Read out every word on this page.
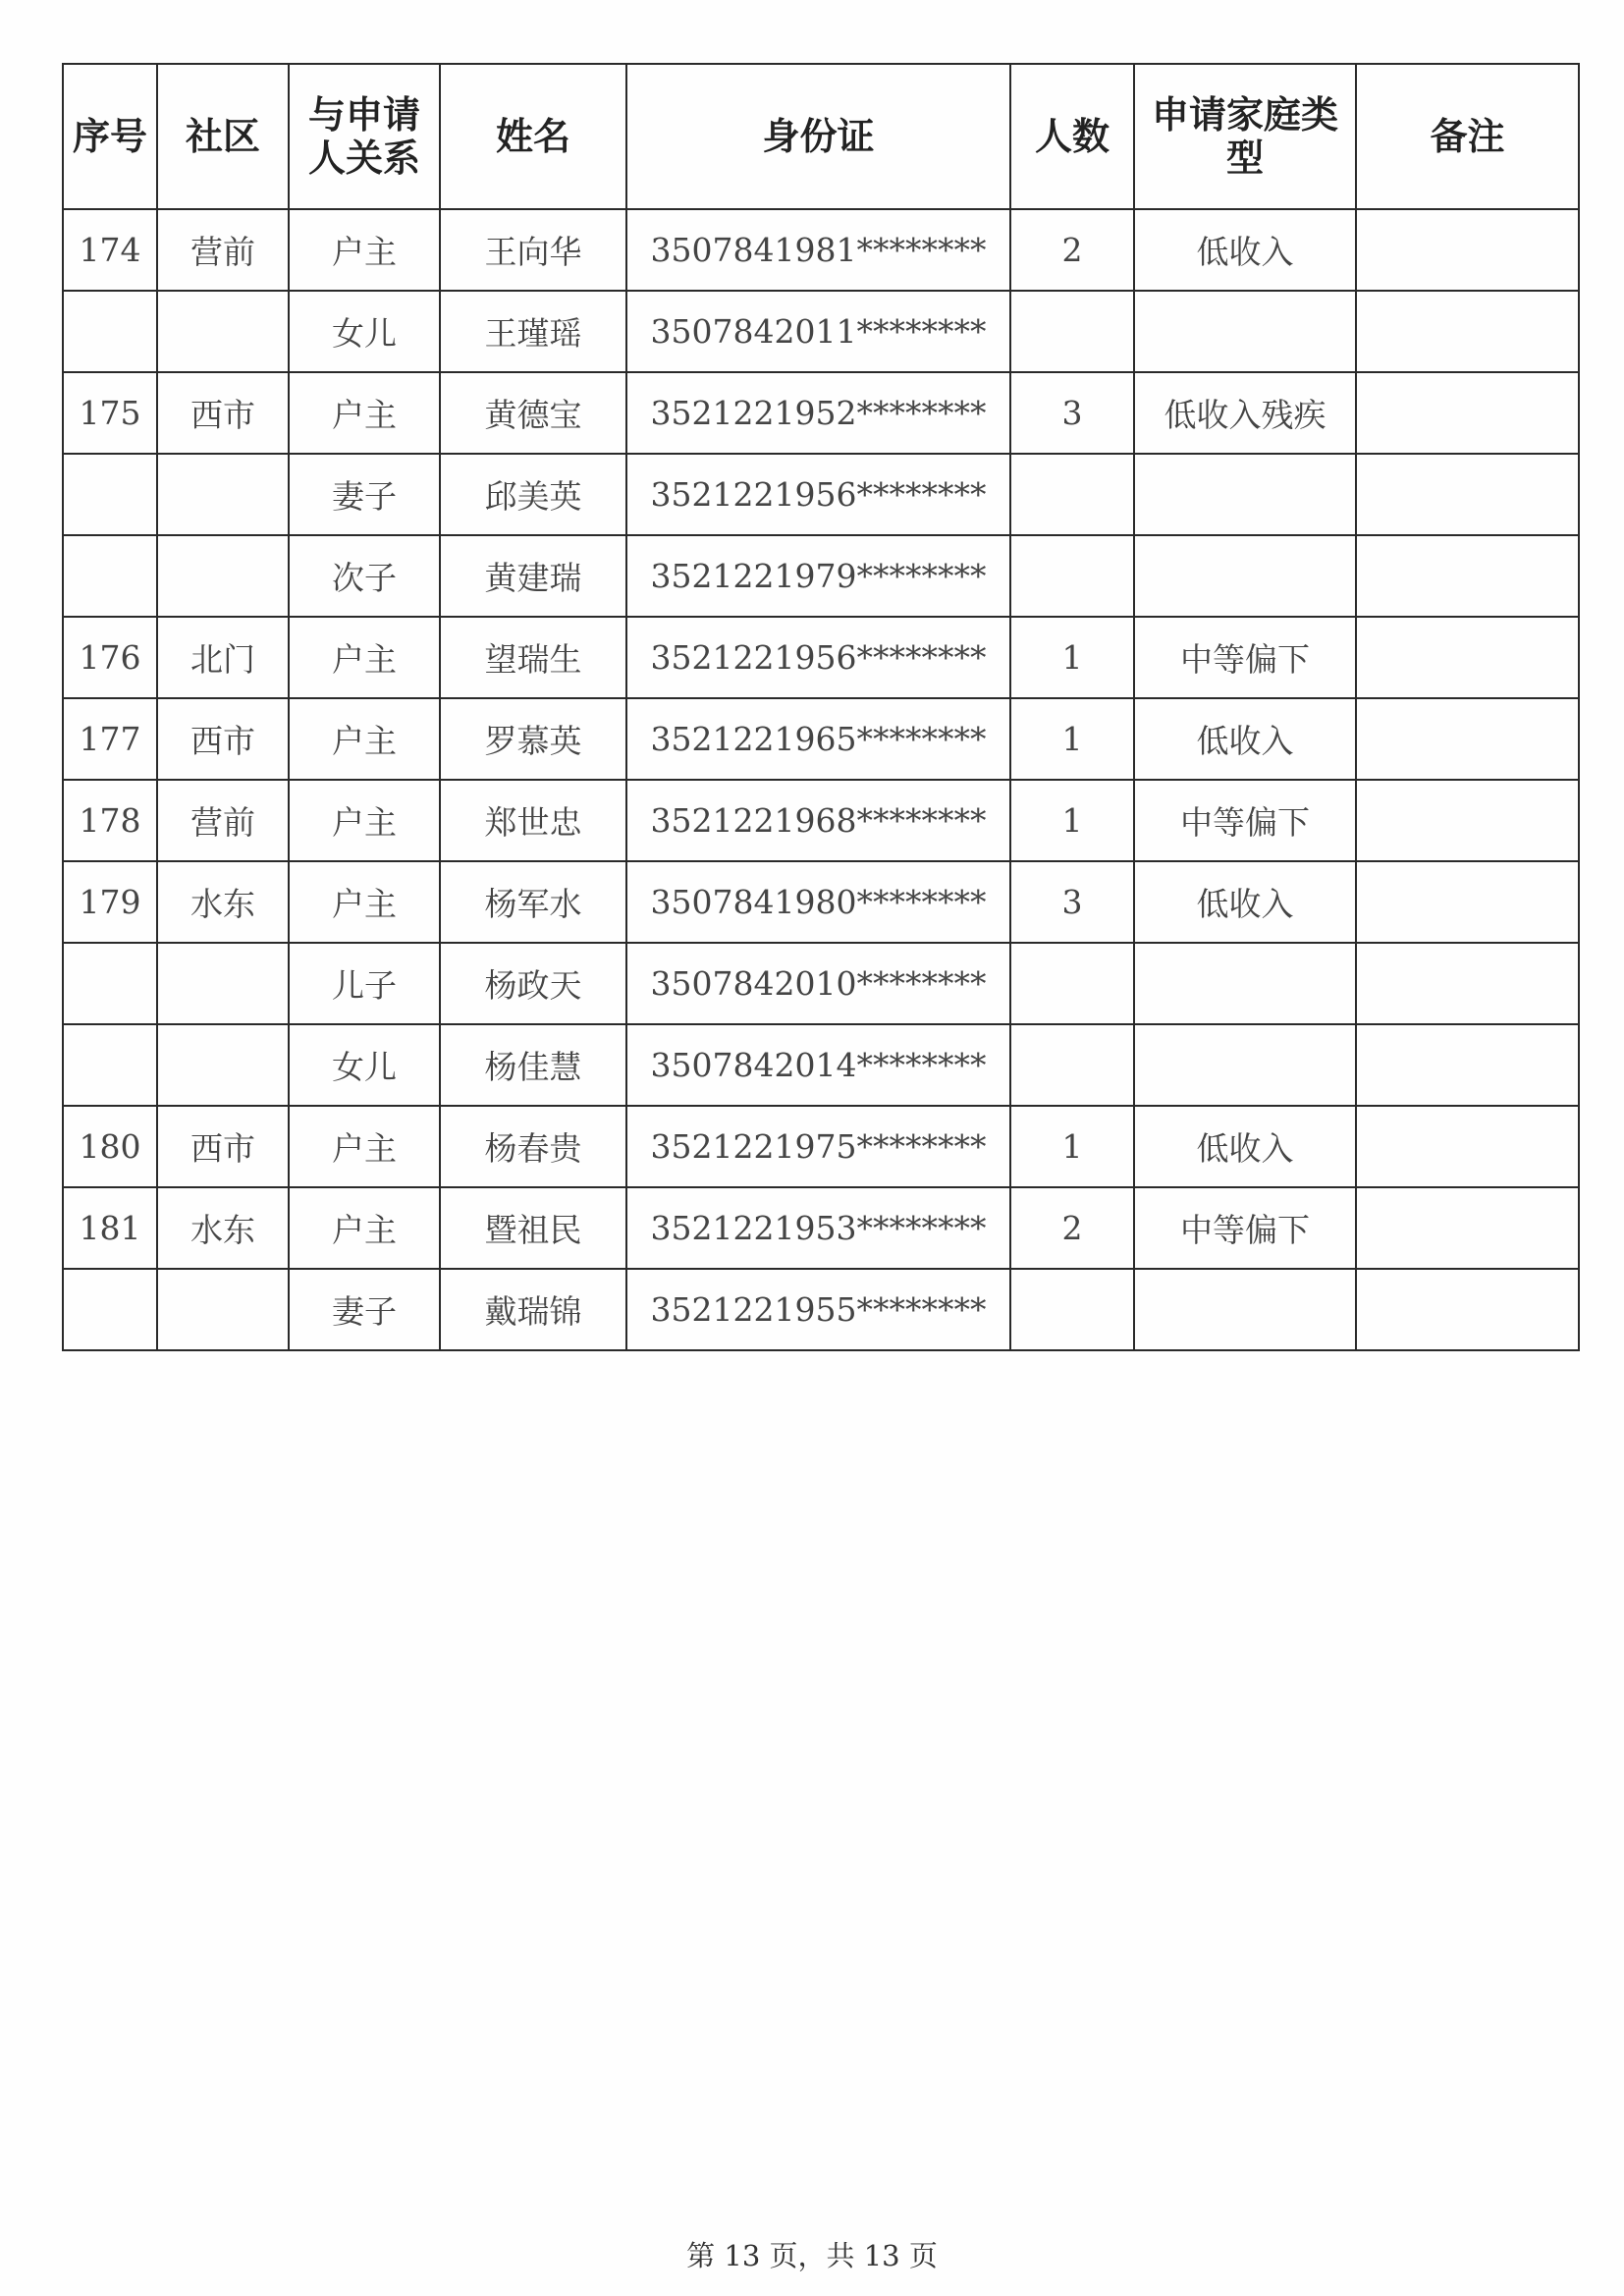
序号	社区	与申请人关系	姓名	身份证	人数	申请家庭类型	备注
174	营前	户主	王向华	3507841981********	2	低收入	
		女儿	王瑾瑶	3507842011********			
175	西市	户主	黄德宝	3521221952********	3	低收入残疾	
		妻子	邱美英	3521221956********			
		次子	黄建瑞	3521221979********			
176	北门	户主	望瑞生	3521221956********	1	中等偏下	
177	西市	户主	罗慕英	3521221965********	1	低收入	
178	营前	户主	郑世忠	3521221968********	1	中等偏下	
179	水东	户主	杨军水	3507841980********	3	低收入	
		儿子	杨政天	3507842010********			
		女儿	杨佳慧	3507842014********			
180	西市	户主	杨春贵	3521221975********	1	低收入	
181	水东	户主	暨祖民	3521221953********	2	中等偏下	
		妻子	戴瑞锦	3521221955********			
第 13 页，共 13 页
